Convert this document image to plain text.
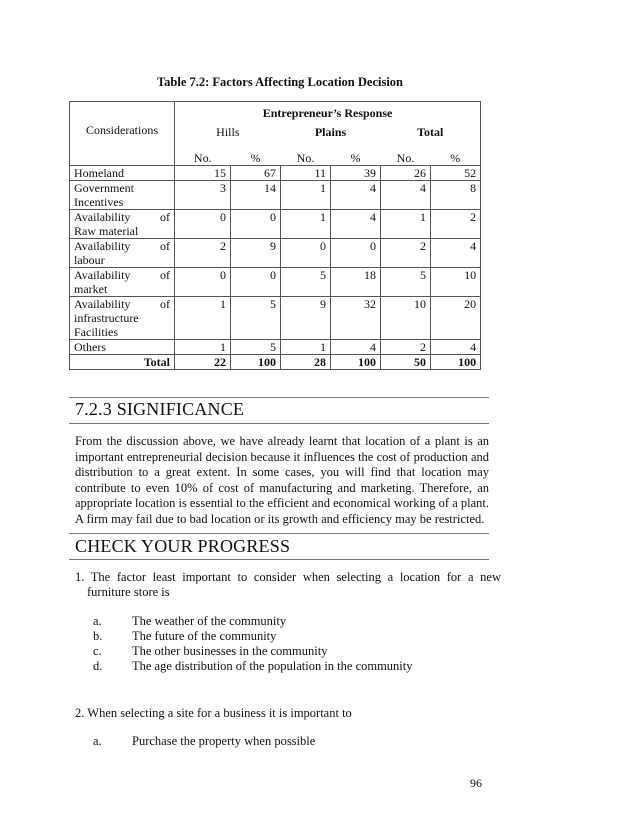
Table 7.2: Factors Affecting Location Decision
Considerations	Entrepreneur’s Response
Hills Plains Total					

	No.	%	No.	%	No.	%

Homeland	15	67	11	39	26	52

Government
Incentives	3	14	1	4	4	8

Availability of
Raw material	0	0	1	4	1	2

Availability of
labour	2	9	0	0	2	4

Availability of
market	0	0	5	18	5	10

Availability of
infrastructure
Facilities	1	5	9	32	10	20

Others	1	5	1	4	2	4
Total	22	100	28	100	50	100
7.2.3 SIGNIFICANCE
From the discussion above, we have already learnt that location of a plant is an important entrepreneurial decision because it influences the cost of production and distribution to a great extent. In some cases, you will find that location may contribute to even 10% of cost of manufacturing and marketing. Therefore, an appropriate location is essential to the efficient and economical working of a plant. A firm may fail due to bad location or its growth and efficiency may be restricted.
CHECK YOUR PROGRESS
1. The factor least important to consider when selecting a location for a new furniture store is
a. The weather of the community
b. The future of the community
c. The other businesses in the community
d. The age distribution of the population in the community
2. When selecting a site for a business it is important to
a. Purchase the property when possible
96
